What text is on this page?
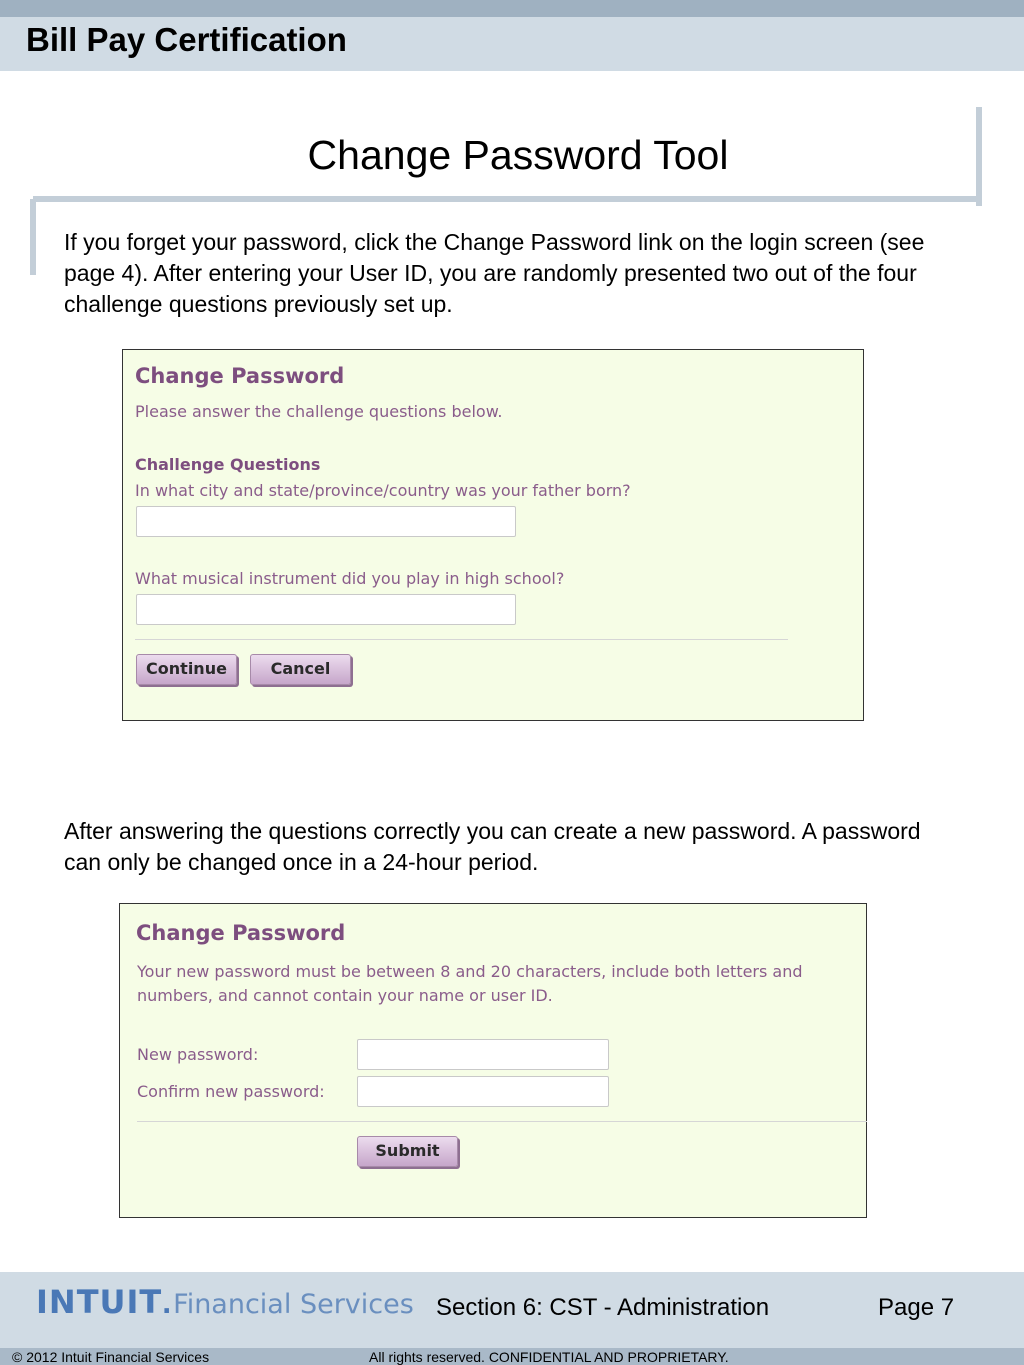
Bill Pay Certification
Change Password Tool
If you forget your password, click the Change Password link on the login screen (see page 4). After entering your User ID, you are randomly presented two out of the four challenge questions previously set up.
Change Password
Please answer the challenge questions below.
Challenge Questions
In what city and state/province/country was your father born?
What musical instrument did you play in high school?
Continue	Cancel
After answering the questions correctly you can create a new password. A password can only be changed once in a 24-hour period.
Change Password
Your new password must be between 8 and 20 characters, include both letters and
numbers, and cannot contain your name or user ID.
New password:
Confirm new password:
Submit
INTUIT.Financial Services Section 6: CST - Administration	Page 7
© 2012 Intuit Financial Services	All rights reserved. CONFIDENTIAL AND PROPRIETARY.
